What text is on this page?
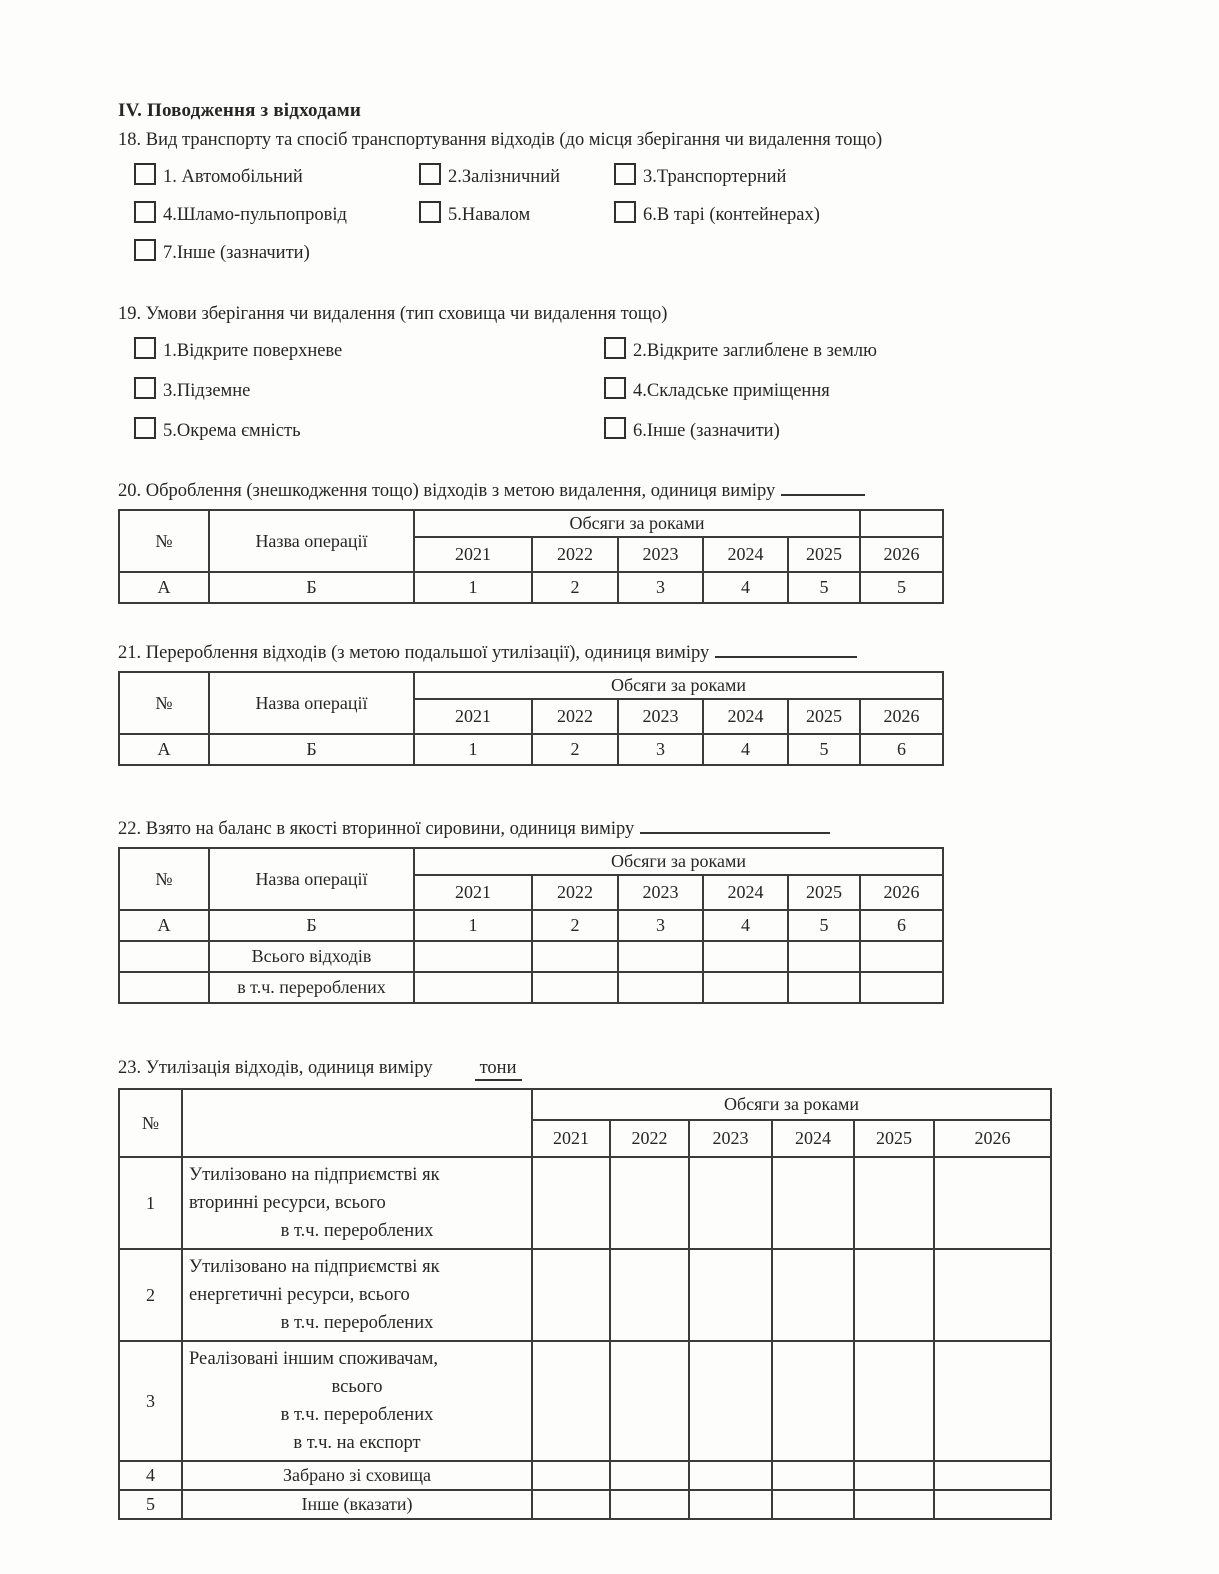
IV. Поводження з відходами
18. Вид транспорту та спосіб транспортування відходів (до місця зберігання чи видалення тощо)
1. Автомобільний	2.Залізничний	3.Транспортерний
4.Шламо-пульпопровід	5.Навалом	6.В тарі (контейнерах)
7.Інше (зазначити)
19. Умови зберігання чи видалення (тип сховища чи видалення тощо)
1.Відкрите поверхневе	2.Відкрите заглиблене в землю
3.Підземне	4.Складське приміщення
5.Окрема ємність	6.Інше (зазначити)
20. Оброблення (знешкодження тощо) відходів з метою видалення, одиниця виміру
№	Назва операції	Обсяги за роками					
		2021	2022	2023	2024	2025	2026
А	Б	1	2	3	4	5	5
21. Перероблення відходів (з метою подальшої утилізації), одиниця виміру
№	Назва операції	Обсяги за роками					
		2021	2022	2023	2024	2025	2026
А	Б	1	2	3	4	5	6
22. Взято на баланс в якості вторинної сировини, одиниця виміру
№	Назва операції	Обсяги за роками					
		2021	2022	2023	2024	2025	2026
А	Б	1	2	3	4	5	6
	Всього відходів						
	в т.ч. перероблених						
23. Утилізація відходів, одиниця виміру	тони
№		Обсяги за роками					
		2021	2022	2023	2024	2025	2026
1	Утилізовано на підприємстві як
вторинні ресурси, всього
в т.ч. перероблених						

2	Утилізовано на підприємстві як
енергетичні ресурси, всього
в т.ч. перероблених						

3	Реалізовані іншим споживачам,
всього
в т.ч. перероблених
в т.ч. на експорт						

4	Забрано зі сховища						
5	Інше (вказати)						
